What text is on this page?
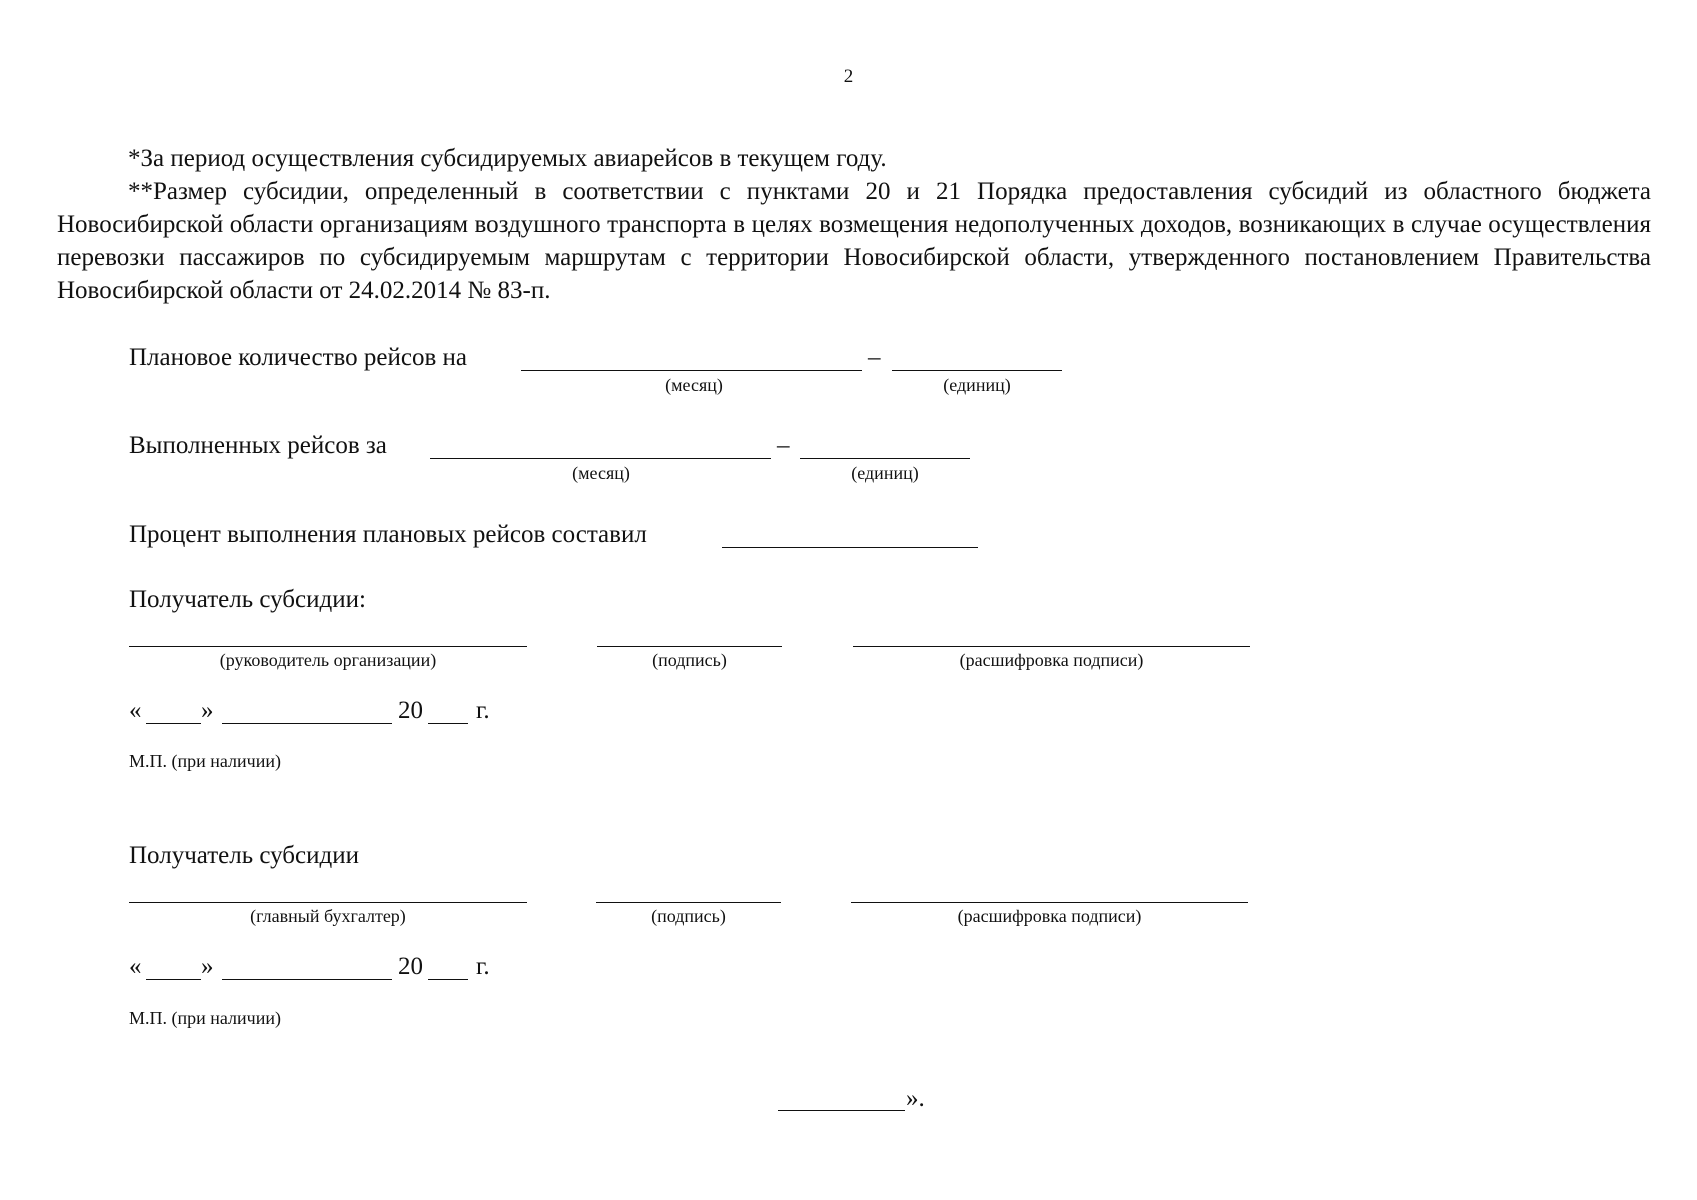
2

*За период осуществления субсидируемых авиарейсов в текущем году.

**Размер субсидии, определенный в соответствии с пунктами 20 и 21 Порядка предоставления субсидий из областного бюджета Новосибирской области организациям воздушного транспорта в целях возмещения недополученных доходов, возникающих в случае осуществления перевозки пассажиров по субсидируемым маршрутам с территории Новосибирской области, утвержденного постановлением Правительства Новосибирской области от 24.02.2014 № 83-п.

Плановое количество рейсов на	–
(месяц)	(единиц)
Выполненных рейсов за	–
(месяц)	(единиц)
Процент выполнения плановых рейсов составил
Получатель субсидии:
(руководитель организации)	(подпись)	(расшифровка подписи)
« »	20 г.
М.П. (при наличии)
Получатель субсидии
(главный бухгалтер)	(подпись)	(расшифровка подписи)
« »	20 г.
М.П. (при наличии)
».
